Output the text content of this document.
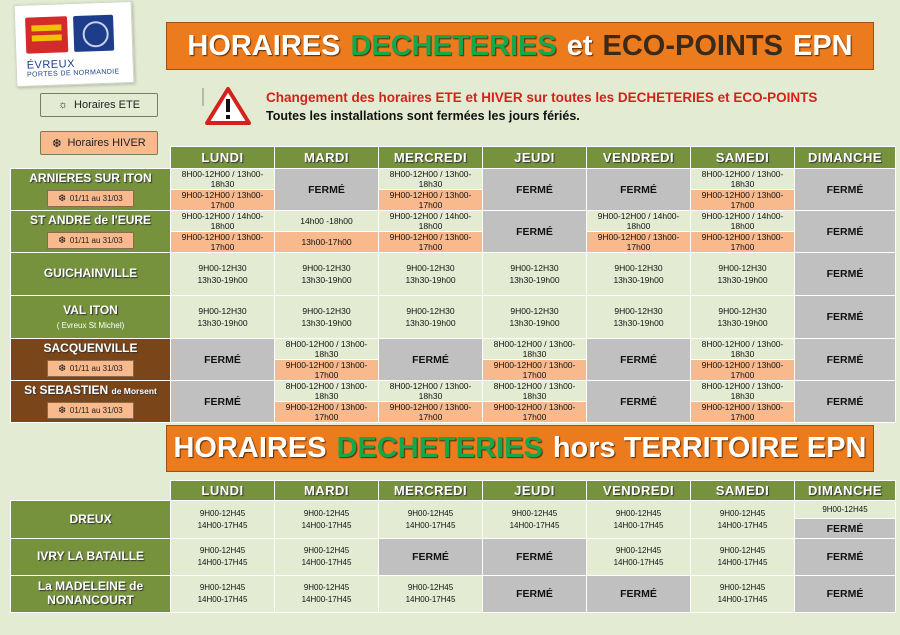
ÉVREUX
PORTES DE NORMANDIE
HORAIRES DECHETERIES et ECO-POINTS EPN
☼ Horaires ETE
❆ Horaires HIVER
Changement des horaires ETE et HIVER sur toutes les DECHETERIES et ECO-POINTS
Toutes les installations sont fermées les jours fériés.
	LUNDI	MARDI	MERCREDI	JEUDI	VENDREDI	SAMEDI	DIMANCHE
ARNIERES SUR ITON

❆ 01/11 au 31/03	8H00-12H00 / 13h00-18h30	FERMÉ	8H00-12H00 / 13h00-18h30	FERMÉ	FERMÉ	8H00-12H00 / 13h00-18h30	FERMÉ
	9H00-12H00 / 13h00-17h00		9H00-12H00 / 13h00-17h00			9H00-12H00 / 13h00-17h00	
ST ANDRE de l'EURE

❆ 01/11 au 31/03	9H00-12H00 / 14h00-18h00	14h00 -18h00	9H00-12H00 / 14h00-18h00	FERMÉ	9H00-12H00 / 14h00-18h00	9H00-12H00 / 14h00-18h00	FERMÉ
	9H00-12H00 / 13h00-17h00	13h00-17h00	9H00-12H00 / 13h00-17h00		9H00-12H00 / 13h00-17h00	9H00-12H00 / 13h00-17h00	
GUICHAINVILLE	9H00-12H30
13h30-19h00	9H00-12H30
13h30-19h00	9H00-12H30
13h30-19h00	9H00-12H30
13h30-19h00	9H00-12H30
13h30-19h00	9H00-12H30
13h30-19h00	FERMÉ
VAL ITON
( Evreux St Michel)	9H00-12H30
13h30-19h00	9H00-12H30
13h30-19h00	9H00-12H30
13h30-19h00	9H00-12H30
13h30-19h00	9H00-12H30
13h30-19h00	9H00-12H30
13h30-19h00	FERMÉ
SACQUENVILLE

❆ 01/11 au 31/03	FERMÉ	8H00-12H00 / 13h00-18h30	FERMÉ	8H00-12H00 / 13h00-18h30	FERMÉ	8H00-12H00 / 13h00-18h30	FERMÉ
		9H00-12H00 / 13h00-17h00		9H00-12H00 / 13h00-17h00		9H00-12H00 / 13h00-17h00	
St SEBASTIEN de Morsent

❆ 01/11 au 31/03	FERMÉ	8H00-12H00 / 13h00-18h30	8H00-12H00 / 13h00-18h30	8H00-12H00 / 13h00-18h30	FERMÉ	8H00-12H00 / 13h00-18h30	FERMÉ
		9H00-12H00 / 13h00-17h00	9H00-12H00 / 13h00-17h00	9H00-12H00 / 13h00-17h00		9H00-12H00 / 13h00-17h00	
HORAIRES DECHETERIES hors TERRITOIRE EPN
	LUNDI	MARDI	MERCREDI	JEUDI	VENDREDI	SAMEDI	DIMANCHE
DREUX	9H00-12H45
14H00-17H45	9H00-12H45
14H00-17H45	9H00-12H45
14H00-17H45	9H00-12H45
14H00-17H45	9H00-12H45
14H00-17H45	9H00-12H45
14H00-17H45	9H00-12H45
							FERMÉ
IVRY LA BATAILLE	9H00-12H45
14H00-17H45	9H00-12H45
14H00-17H45	FERMÉ	FERMÉ	9H00-12H45
14H00-17H45	9H00-12H45
14H00-17H45	FERMÉ
La MADELEINE de
NONANCOURT	9H00-12H45
14H00-17H45	9H00-12H45
14H00-17H45	9H00-12H45
14H00-17H45	FERMÉ	FERMÉ	9H00-12H45
14H00-17H45	FERMÉ
